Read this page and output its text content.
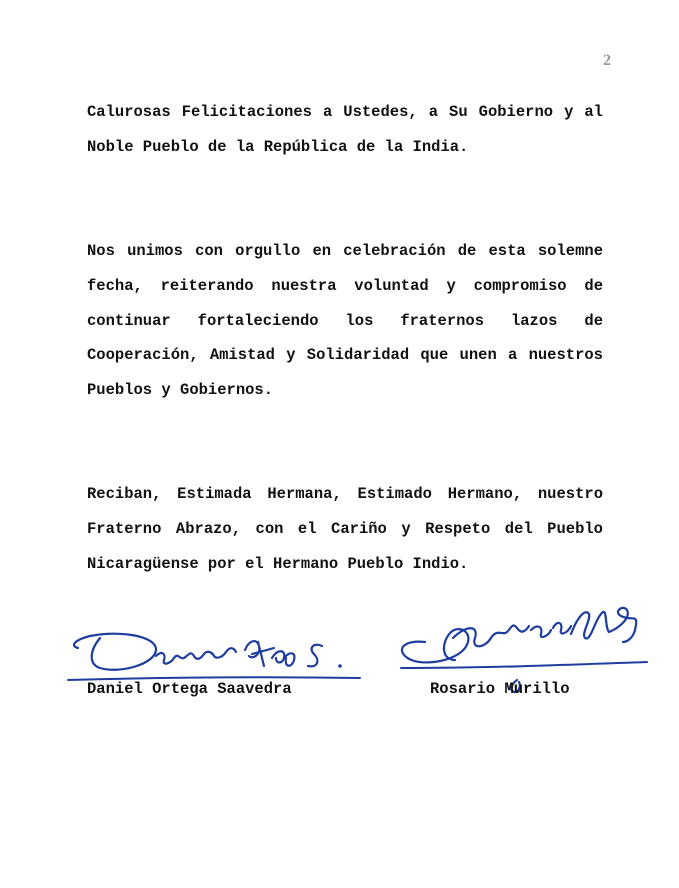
2

Calurosas Felicitaciones a Ustedes, a Su Gobierno y al Noble Pueblo de la República de la India.

Nos unimos con orgullo en celebración de esta solemne fecha, reiterando nuestra voluntad y compromiso de continuar fortaleciendo los fraternos lazos de Cooperación, Amistad y Solidaridad que unen a nuestros Pueblos y Gobiernos.

Reciban, Estimada Hermana, Estimado Hermano, nuestro Fraterno Abrazo, con el Cariño y Respeto del Pueblo Nicaragüense por el Hermano Pueblo Indio.

Daniel Ortega Saavedra	Rosario Murillo
